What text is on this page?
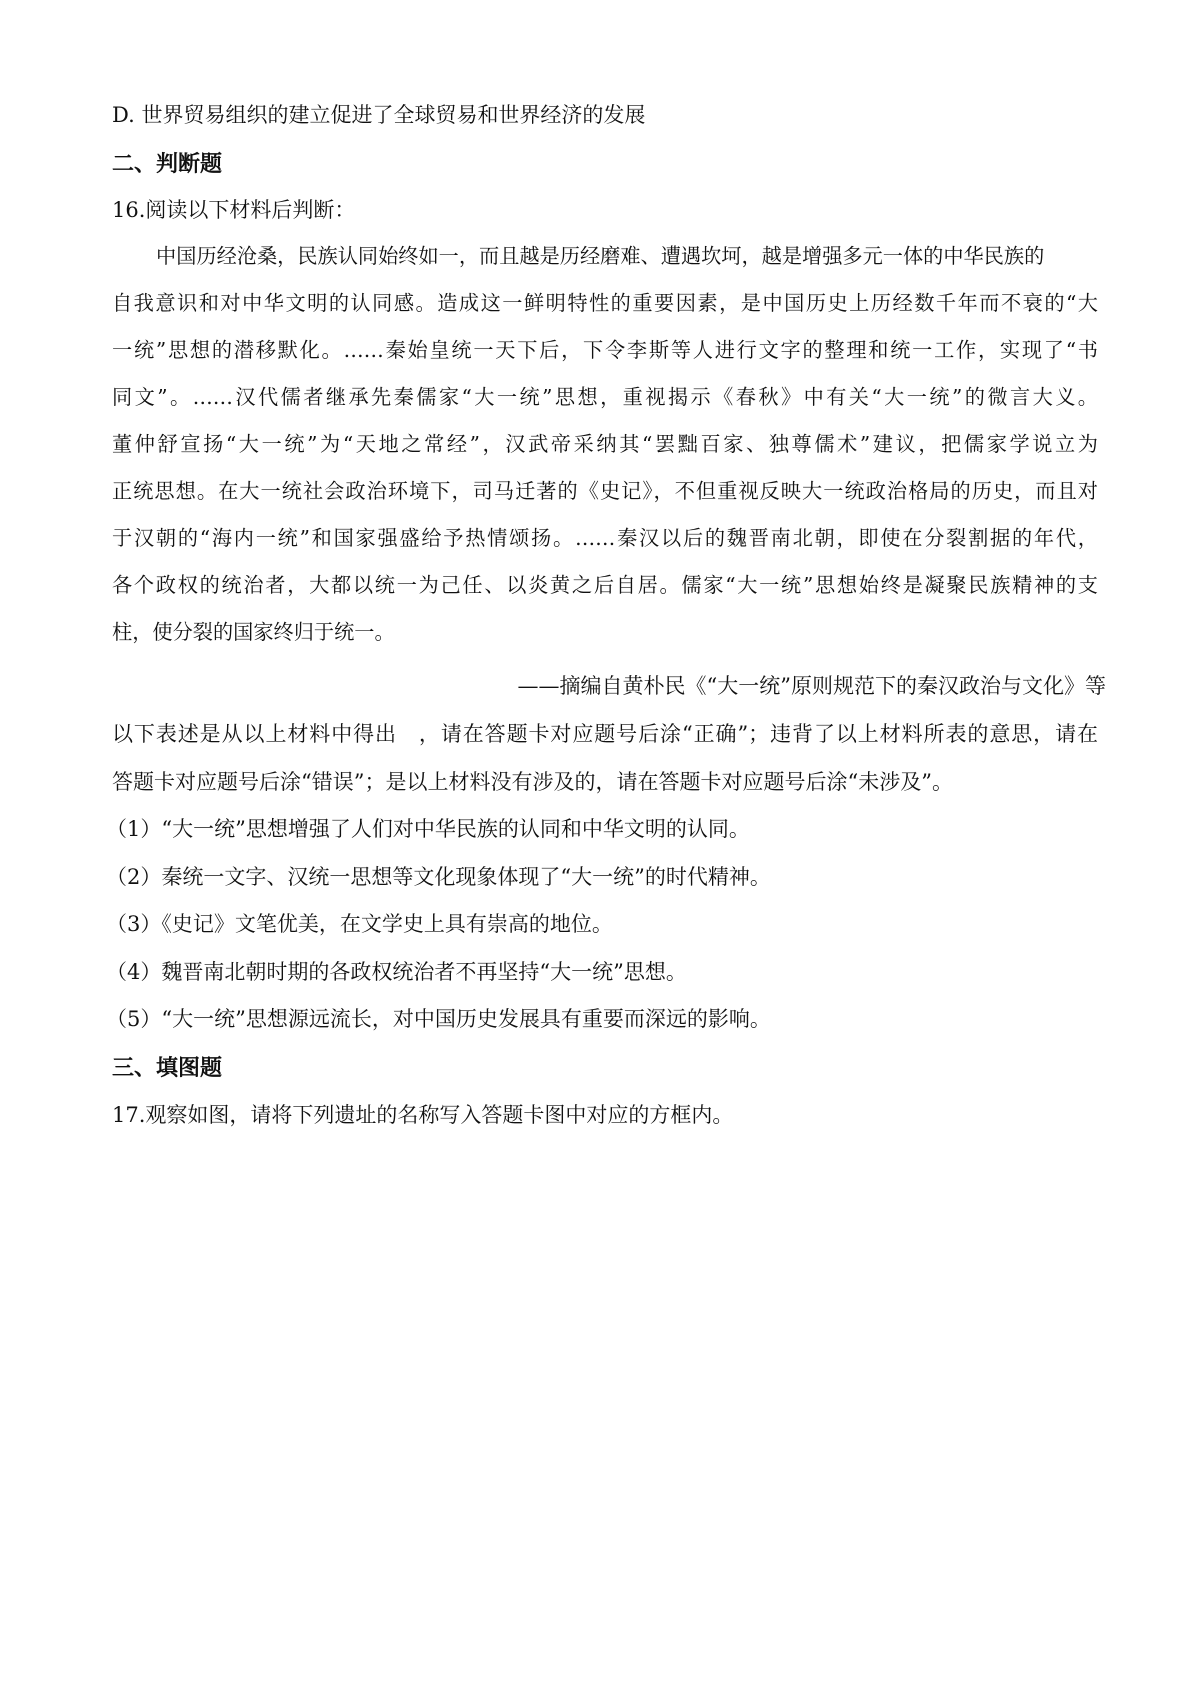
D. 世界贸易组织的建立促进了全球贸易和世界经济的发展
二、判断题
16.阅读以下材料后判断：
中国历经沧桑，民族认同始终如一，而且越是历经磨难、遭遇坎坷，越是增强多元一体的中华民族的
自我意识和对中华文明的认同感。造成这一鲜明特性的重要因素，是中国历史上历经数千年而不衰的“大
一统”思想的潜移默化。……秦始皇统一天下后，下令李斯等人进行文字的整理和统一工作，实现了“书
同文”。……汉代儒者继承先秦儒家“大一统”思想，重视揭示《春秋》中有关“大一统”的微言大义。
董仲舒宣扬“大一统”为“天地之常经”，汉武帝采纳其“罢黜百家、独尊儒术”建议，把儒家学说立为
正统思想。在大一统社会政治环境下，司马迁著的《史记》，不但重视反映大一统政治格局的历史，而且对
于汉朝的“海内一统”和国家强盛给予热情颂扬。……秦汉以后的魏晋南北朝，即使在分裂割据的年代，
各个政权的统治者，大都以统一为己任、以炎黄之后自居。儒家“大一统”思想始终是凝聚民族精神的支
柱，使分裂的国家终归于统一。
——摘编自黄朴民《“大一统”原则规范下的秦汉政治与文化》等
以下表述是从以上材料中得出　，请在答题卡对应题号后涂“正确”；违背了以上材料所表的意思，请在
答题卡对应题号后涂“错误”；是以上材料没有涉及的，请在答题卡对应题号后涂“未涉及”。
（1）“大一统”思想增强了人们对中华民族的认同和中华文明的认同。
（2）秦统一文字、汉统一思想等文化现象体现了“大一统”的时代精神。
（3）《史记》文笔优美，在文学史上具有崇高的地位。
（4）魏晋南北朝时期的各政权统治者不再坚持“大一统”思想。
（5）“大一统”思想源远流长，对中国历史发展具有重要而深远的影响。
三、填图题
17.观察如图，请将下列遗址的名称写入答题卡图中对应的方框内。
